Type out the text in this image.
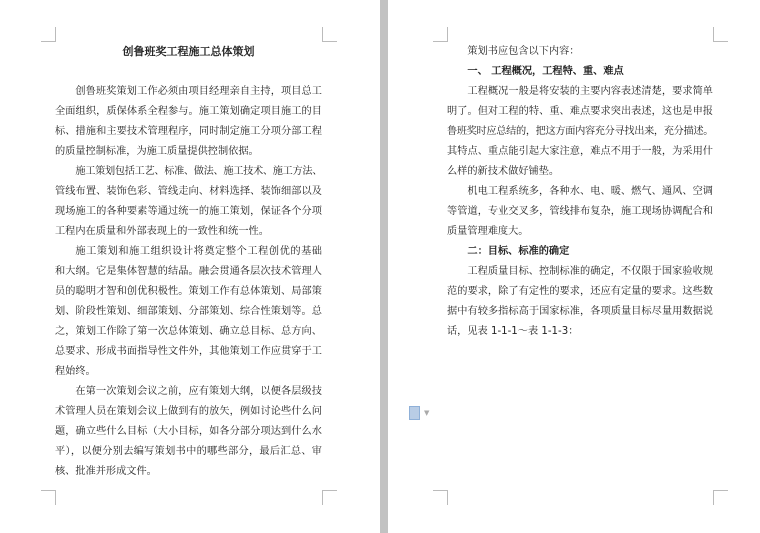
创鲁班奖工程施工总体策划
创鲁班奖策划工作必须由项目经理亲自主持，项目总工
全面组织，质保体系全程参与。施工策划确定项目施工的目
标、措施和主要技术管理程序，同时制定施工分项分部工程
的质量控制标准，为施工质量提供控制依据。
施工策划包括工艺、标准、做法、施工技术、施工方法、
管线布置、装饰色彩、管线走向、材料选择、装饰细部以及
现场施工的各种要素等通过统一的施工策划，保证各个分项
工程内在质量和外部表现上的一致性和统一性。
施工策划和施工组织设计将奠定整个工程创优的基础
和大纲。它是集体智慧的结晶。融会贯通各层次技术管理人
员的聪明才智和创优积极性。策划工作有总体策划、局部策
划、阶段性策划、细部策划、分部策划、综合性策划等。总
之，策划工作除了第一次总体策划、确立总目标、总方向、
总要求、形成书面指导性文件外，其他策划工作应贯穿于工
程始终。
在第一次策划会议之前，应有策划大纲，以便各层级技
术管理人员在策划会议上做到有的放矢，例如讨论些什么问
题，确立些什么目标（大小目标，如各分部分项达到什么水
平），以便分别去编写策划书中的哪些部分，最后汇总、审
核、批准并形成文件。
策划书应包含以下内容：
一、 工程概况，工程特、重、难点
工程概况一般是将安装的主要内容表述清楚，要求简单
明了。但对工程的特、重、难点要求突出表述，这也是申报
鲁班奖时应总结的，把这方面内容充分寻找出来，充分描述。
其特点、重点能引起大家注意，难点不用于一般，为采用什
么样的新技术做好铺垫。
机电工程系统多，各种水、电、暖、燃气、通风、空调
等管道，专业交叉多，管线排布复杂，施工现场协调配合和
质量管理难度大。
二：目标、标准的确定
工程质量目标、控制标准的确定，不仅限于国家验收规
范的要求，除了有定性的要求，还应有定量的要求。这些数
据中有较多指标高于国家标准，各项质量目标尽量用数据说
话，见表 1-1-1～表 1-1-3：
▼
